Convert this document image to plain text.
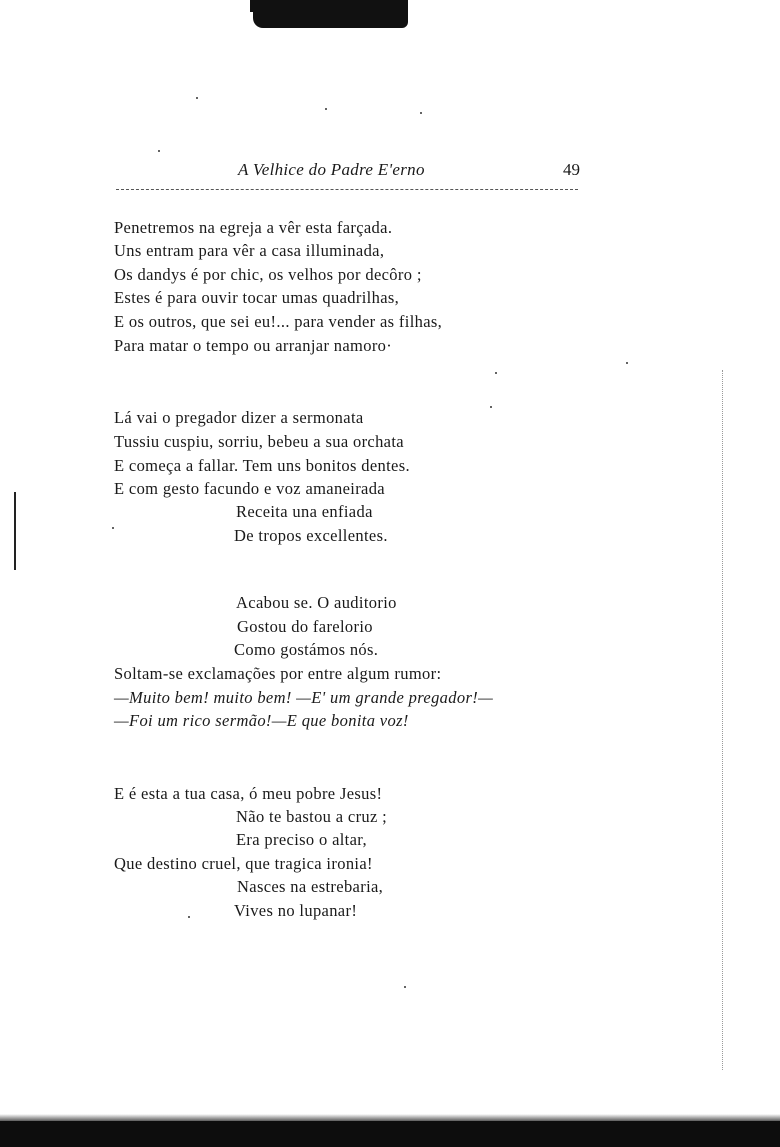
A Velhice do Padre E'erno	49
Penetremos na egreja a vêr esta farçada.
Uns entram para vêr a casa illuminada,
Os dandys é por chic, os velhos por decôro ;
Estes é para ouvir tocar umas quadrilhas,
E os outros, que sei eu!... para vender as filhas,
Para matar o tempo ou arranjar namoro·
Lá vai o pregador dizer a sermonata
Tussiu cuspiu, sorriu, bebeu a sua orchata
E começa a fallar. Tem uns bonitos dentes.
E com gesto facundo e voz amaneirada
Receita una enfiada
De tropos excellentes.
Acabou se. O auditorio
Gostou do farelorio
Como gostámos nós.
Soltam-se exclamações por entre algum rumor:
—Muito bem! muito bem! —E' um grande pregador!—
—Foi um rico sermão!—E que bonita voz!
E é esta a tua casa, ó meu pobre Jesus!
Não te bastou a cruz ;
Era preciso o altar,
Que destino cruel, que tragica ironia!
Nasces na estrebaria,
Vives no lupanar!
